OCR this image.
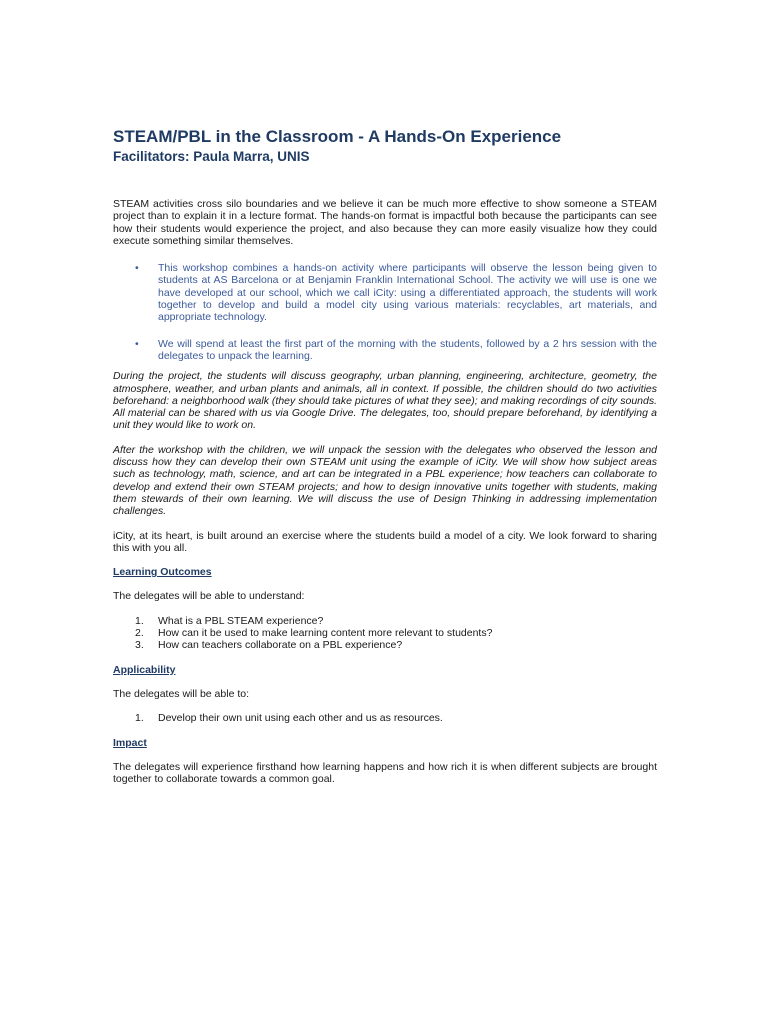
STEAM/PBL in the Classroom - A Hands-On Experience
Facilitators: Paula Marra, UNIS

STEAM activities cross silo boundaries and we believe it can be much more effective to show someone a STEAM project than to explain it in a lecture format. The hands-on format is impactful both because the participants can see how their students would experience the project, and also because they can more easily visualize how they could execute something similar themselves.

• This workshop combines a hands-on activity where participants will observe the lesson being given to students at AS Barcelona or at Benjamin Franklin International School. The activity we will use is one we have developed at our school, which we call iCity: using a differentiated approach, the students will work together to develop and build a model city using various materials: recyclables, art materials, and appropriate technology.
• We will spend at least the first part of the morning with the students, followed by a 2 hrs session with the delegates to unpack the learning.

During the project, the students will discuss geography, urban planning, engineering, architecture, geometry, the atmosphere, weather, and urban plants and animals, all in context. If possible, the children should do two activities beforehand: a neighborhood walk (they should take pictures of what they see); and making recordings of city sounds. All material can be shared with us via Google Drive. The delegates, too, should prepare beforehand, by identifying a unit they would like to work on.

After the workshop with the children, we will unpack the session with the delegates who observed the lesson and discuss how they can develop their own STEAM unit using the example of iCity. We will show how subject areas such as technology, math, science, and art can be integrated in a PBL experience; how teachers can collaborate to develop and extend their own STEAM projects; and how to design innovative units together with students, making them stewards of their own learning. We will discuss the use of Design Thinking in addressing implementation challenges.

iCity, at its heart, is built around an exercise where the students build a model of a city. We look forward to sharing this with you all.

Learning Outcomes

The delegates will be able to understand:

1. What is a PBL STEAM experience?
2. How can it be used to make learning content more relevant to students?
3. How can teachers collaborate on a PBL experience?
Applicability

The delegates will be able to:

1. Develop their own unit using each other and us as resources.
Impact

The delegates will experience firsthand how learning happens and how rich it is when different subjects are brought together to collaborate towards a common goal.
